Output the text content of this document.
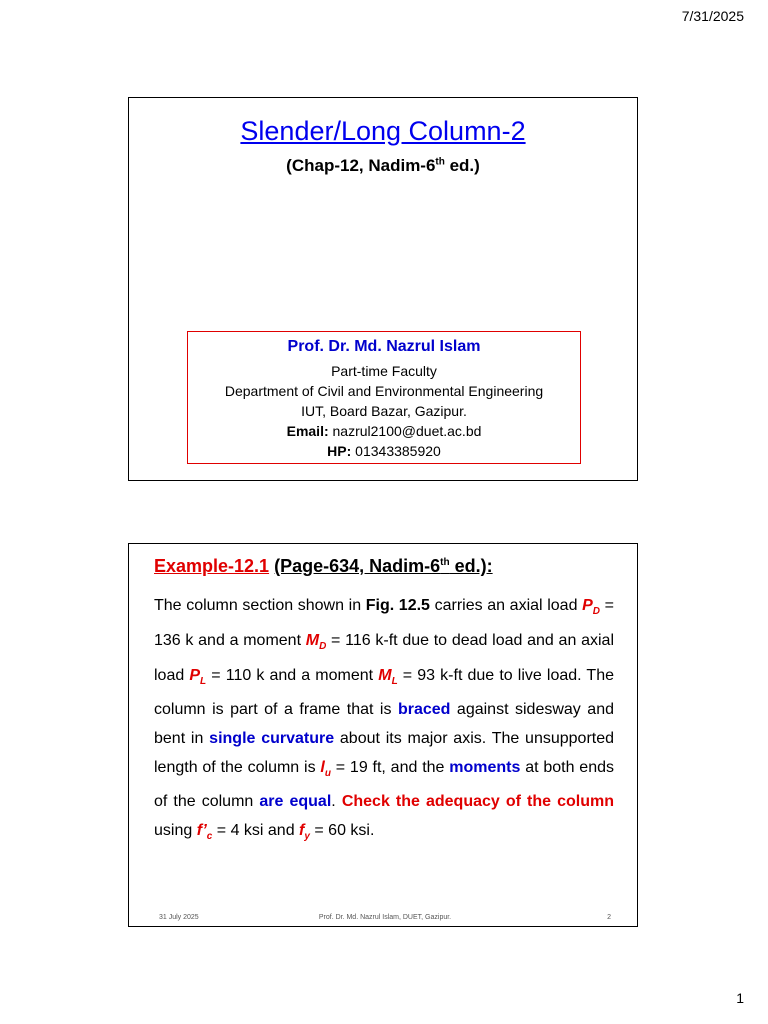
7/31/2025
Slender/Long Column-2
(Chap-12, Nadim-6th ed.)
Prof. Dr. Md. Nazrul Islam
Part-time Faculty
Department of Civil and Environmental Engineering
IUT, Board Bazar, Gazipur.
Email: nazrul2100@duet.ac.bd
HP: 01343385920
Example-12.1 (Page-634, Nadim-6th ed.):
The column section shown in Fig. 12.5 carries an axial load $P_D = 136$ k and a moment $M_D = 116$ k-ft due to dead load and an axial load $P_L = 110$ k and a moment $M_L = 93$ k-ft due to live load. The column is part of a frame that is braced against sidesway and bent in single curvature about its major axis. The unsupported length of the column is $l_u = 19$ ft, and the moments at both ends of the column are equal. Check the adequacy of the column using $f’_c = 4$ ksi and $f_y = 60$ ksi.
31 July 2025	Prof. Dr. Md. Nazrul Islam, DUET, Gazipur.	2
1
